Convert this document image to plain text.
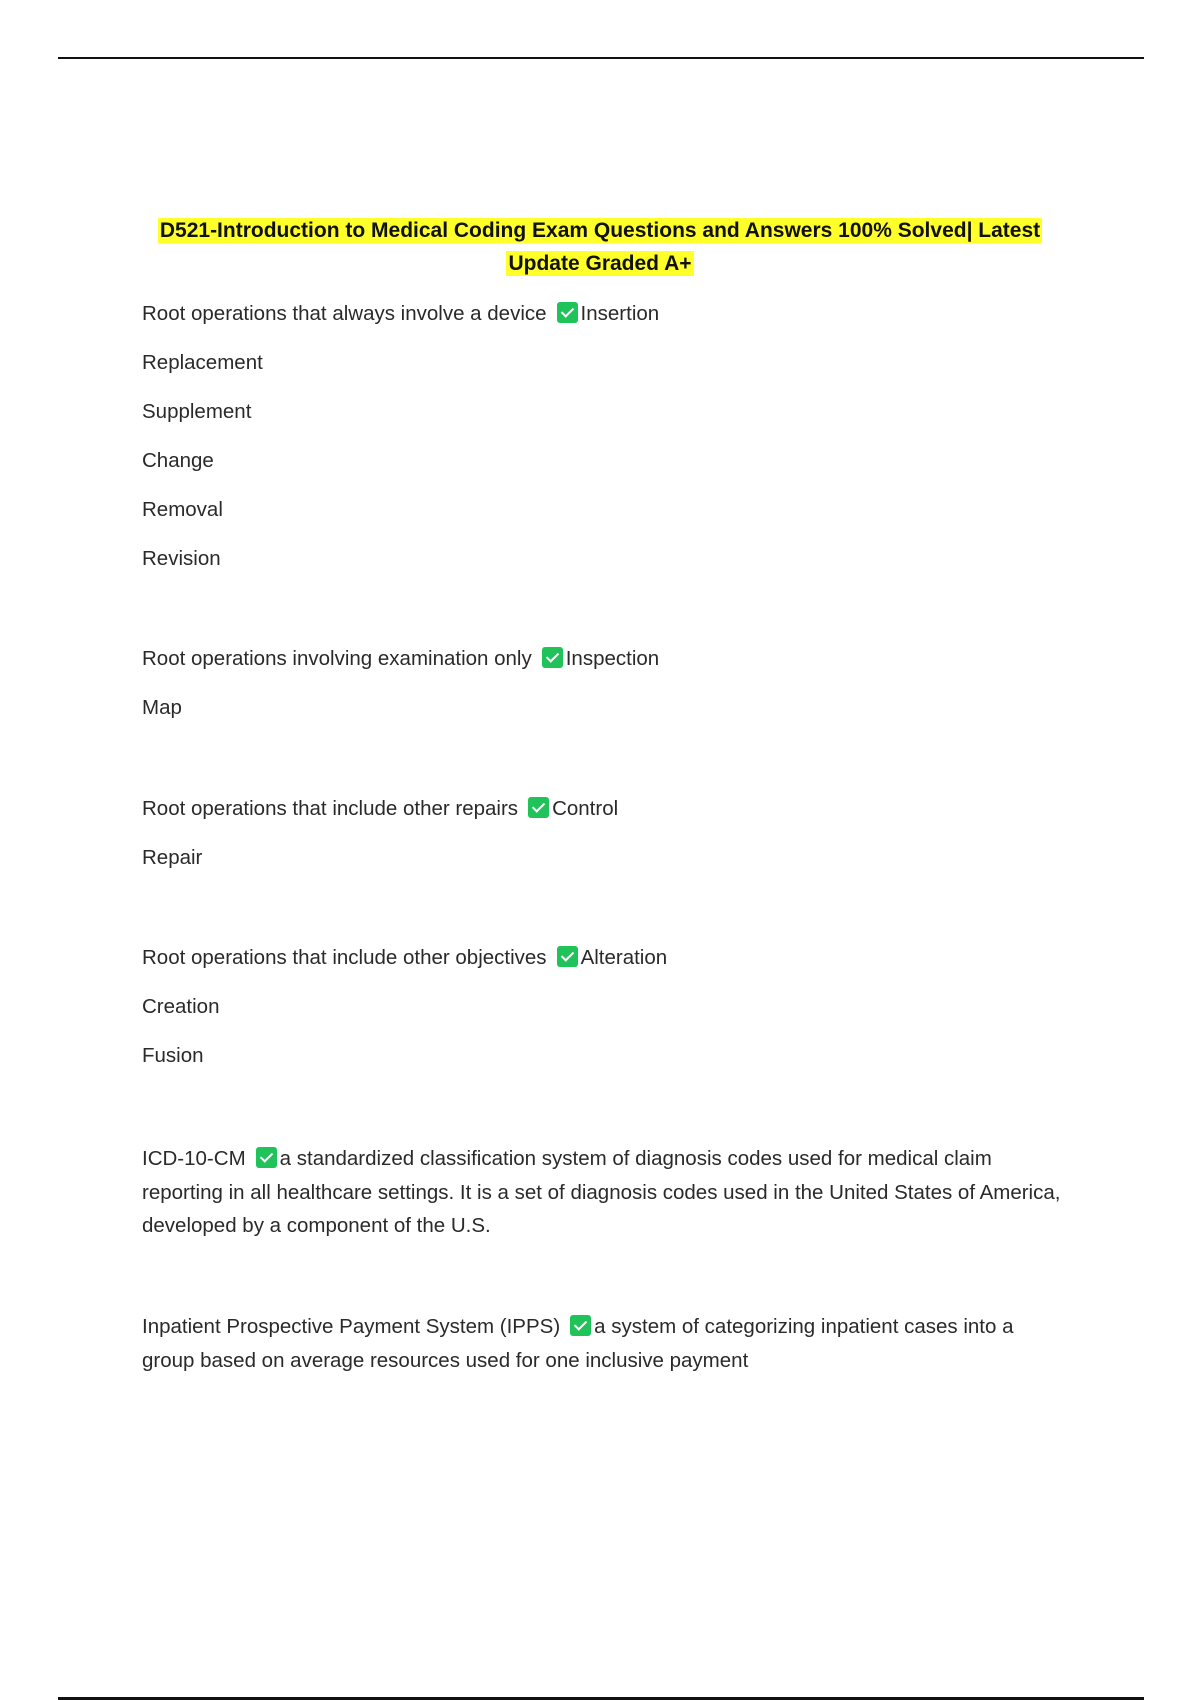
D521-Introduction to Medical Coding Exam Questions and Answers 100% Solved| Latest
Update Graded A+
Root operations that always involve a device Insertion
Replacement
Supplement
Change
Removal
Revision
Root operations involving examination only Inspection
Map
Root operations that include other repairs Control
Repair
Root operations that include other objectives Alteration
Creation
Fusion
ICD-10-CM a standardized classification system of diagnosis codes used for medical claim reporting in all healthcare settings. It is a set of diagnosis codes used in the United States of America, developed by a component of the U.S.
Inpatient Prospective Payment System (IPPS) a system of categorizing inpatient cases into a group based on average resources used for one inclusive payment
